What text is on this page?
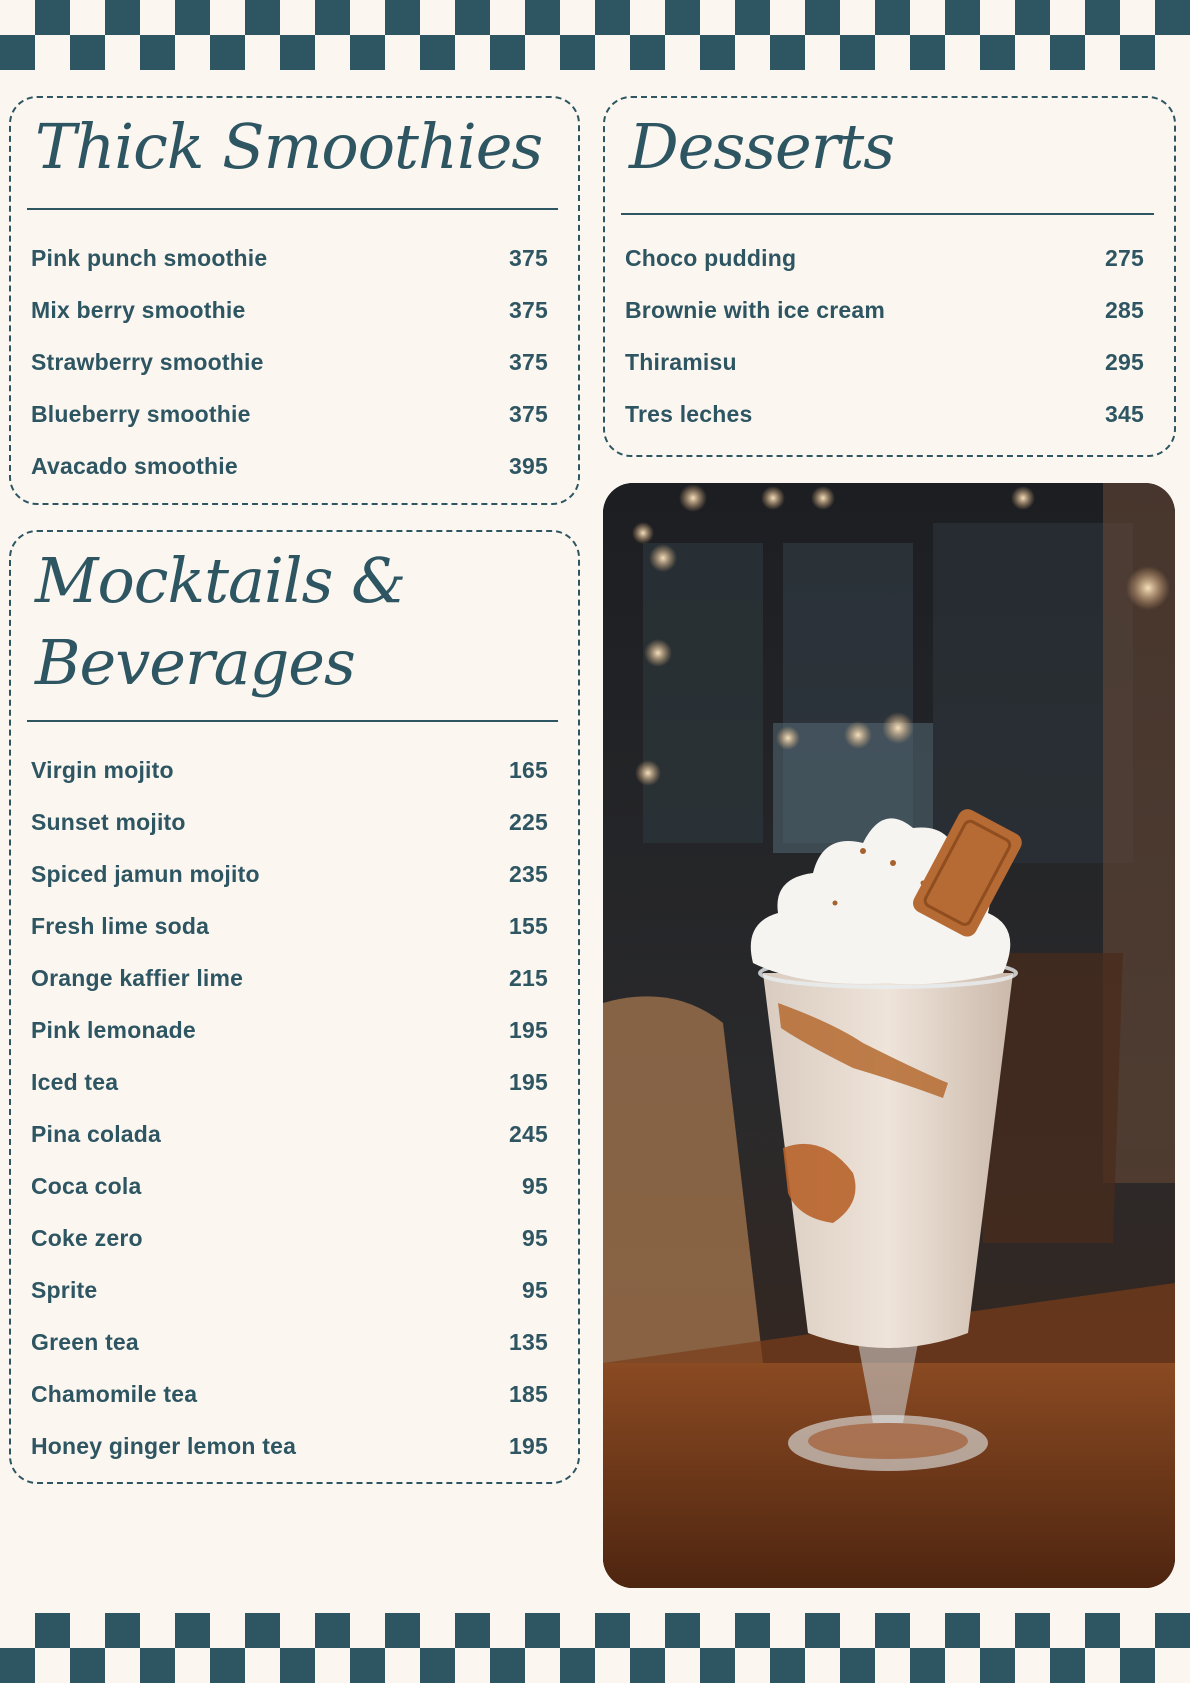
Thick Smoothies
Pink punch smoothie	375
Mix berry smoothie	375
Strawberry smoothie	375
Blueberry smoothie	375
Avacado smoothie	395
Desserts
Choco pudding	275
Brownie with ice cream	285
Thiramisu	295
Tres leches	345
Mocktails &
Beverages
Virgin mojito	165
Sunset mojito	225
Spiced jamun mojito	235
Fresh lime soda	155
Orange kaffier lime	215
Pink lemonade	195
Iced tea	195
Pina colada	245
Coca cola	95
Coke zero	95
Sprite	95
Green tea	135
Chamomile tea	185
Honey ginger lemon tea	195
